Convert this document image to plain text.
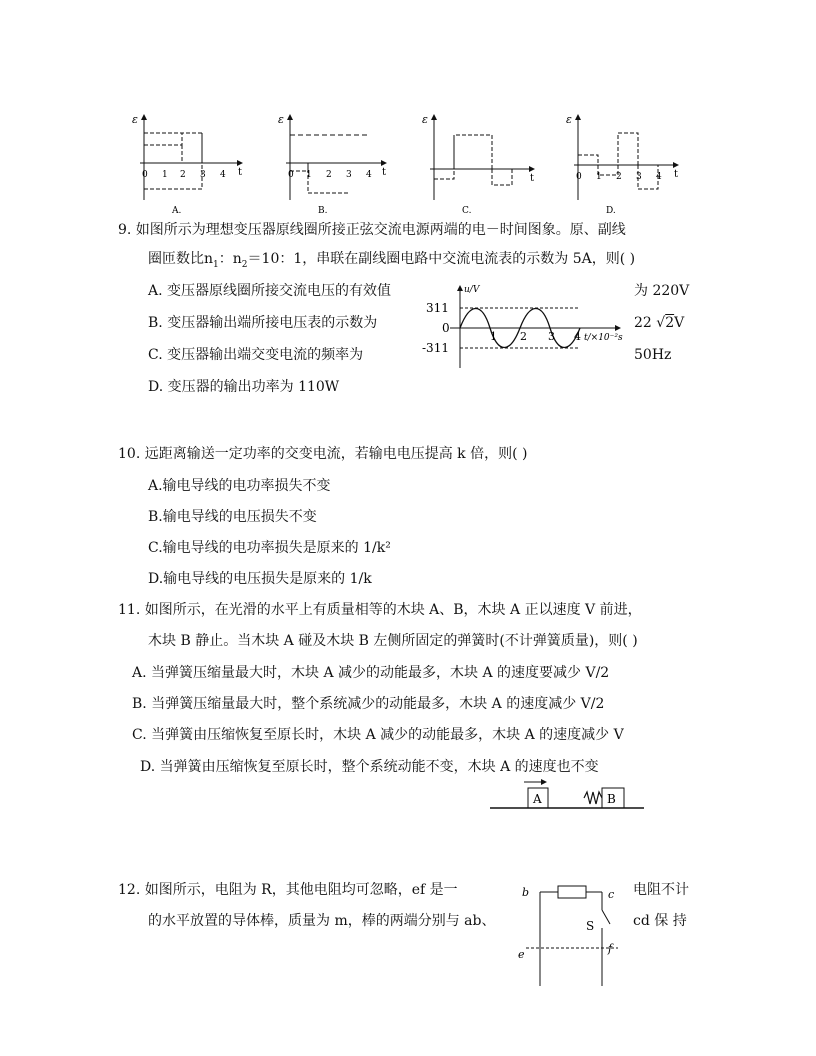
ε
t
0 1 2 3 4
A.
ε
t
0 1 2 3 4
B.
ε
t
C.
ε
t
0 1 2 3 4
D.
9. 如图所示为理想变压器原线圈所接正弦交流电源两端的电－时间图象。原、副线
圈匝数比$n_1$：$n_2=10$：1，串联在副线圈电路中交流电流表的示数为 5A，则( )
A. 变压器原线圈所接交流电压的有效值	为 220V
B. 变压器输出端所接电压表的示数为	22 √2V
C. 变压器输出端交变电流的频率为	50Hz
D. 变压器的输出功率为 110W
u/V
t/×10⁻²s
311
0
-311
1 2 3 4
10. 远距离输送一定功率的交变电流，若输电电压提高 k 倍，则( )
A.输电导线的电功率损失不变
B.输电导线的电压损失不变
C.输电导线的电功率损失是原来的 1/k²
D.输电导线的电压损失是原来的 1/k
11. 如图所示，在光滑的水平上有质量相等的木块 A、B，木块 A 正以速度 V 前进，
木块 B 静止。当木块 A 碰及木块 B 左侧所固定的弹簧时(不计弹簧质量)，则( )
A. 当弹簧压缩量最大时，木块 A 减少的动能最多，木块 A 的速度要减少 V/2
B. 当弹簧压缩量最大时，整个系统减少的动能最多，木块 A 的速度减少 V/2
C. 当弹簧由压缩恢复至原长时，木块 A 减少的动能最多，木块 A 的速度减少 V
D. 当弹簧由压缩恢复至原长时，整个系统动能不变，木块 A 的速度也不变
A	B
12. 如图所示，电阻为 R，其他电阻均可忽略，ef 是一	电阻不计
的水平放置的导体棒，质量为 m，棒的两端分别与 ab、	cd 保 持
b	c
S
e	f
